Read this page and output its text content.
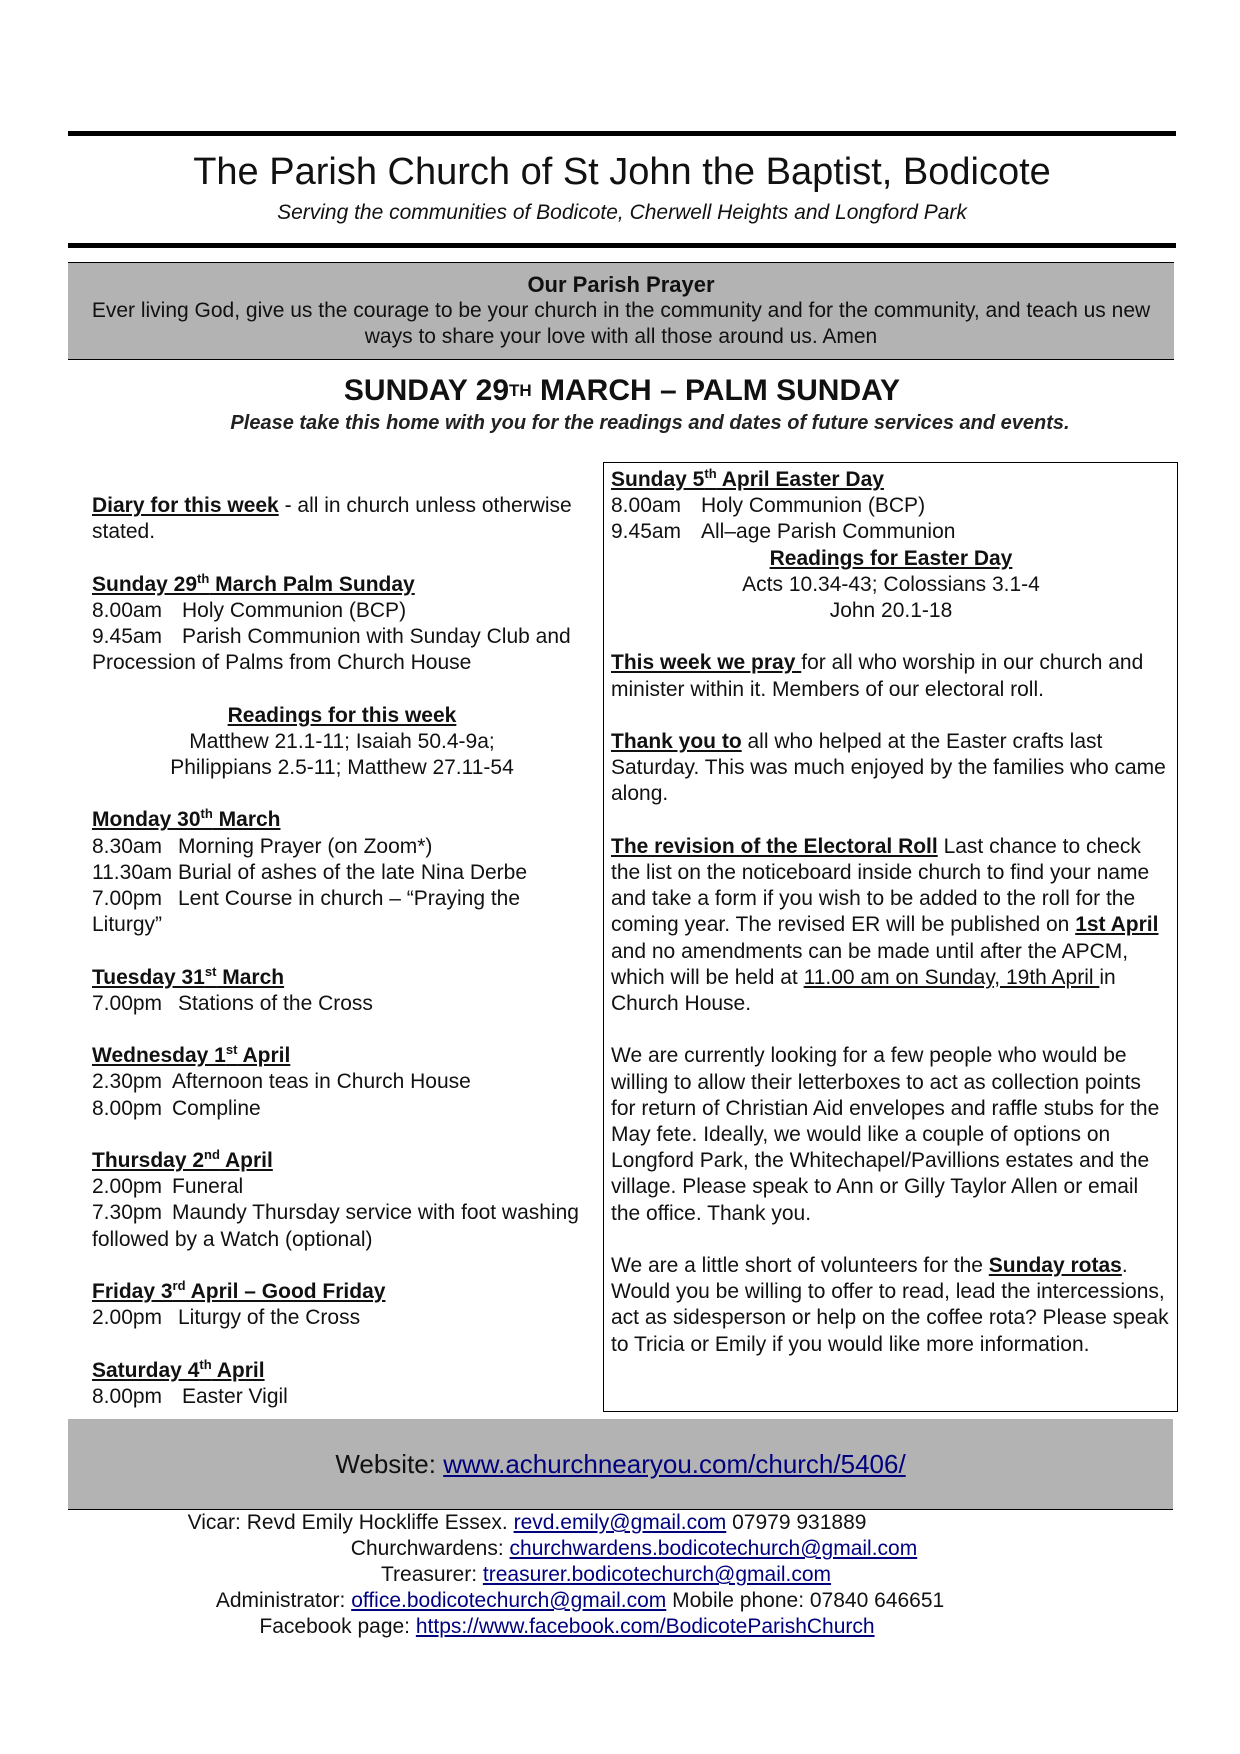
The Parish Church of St John the Baptist, Bodicote
Serving the communities of Bodicote, Cherwell Heights and Longford Park
Our Parish Prayer
Ever living God, give us the courage to be your church in the community and for the community, and teach us new ways to share your love with all those around us. Amen
SUNDAY 29TH MARCH – PALM SUNDAY
Please take this home with you for the readings and dates of future services and events.
Diary for this week - all in church unless otherwise stated.
Sunday 29th March Palm Sunday
8.00am Holy Communion (BCP)
9.45am Parish Communion with Sunday Club and Procession of Palms from Church House
Readings for this week
Matthew 21.1-11; Isaiah 50.4-9a;
Philippians 2.5-11; Matthew 27.11-54
Monday 30th March
8.30am Morning Prayer (on Zoom*)
11.30am Burial of ashes of the late Nina Derbe
7.00pm Lent Course in church – “Praying the Liturgy”
Tuesday 31st March
7.00pm Stations of the Cross
Wednesday 1st April
2.30pm Afternoon teas in Church House
8.00pm Compline
Thursday 2nd April
2.00pm Funeral
7.30pm Maundy Thursday service with foot washing followed by a Watch (optional)
Friday 3rd April – Good Friday
2.00pm Liturgy of the Cross
Saturday 4th April
8.00pm Easter Vigil
Sunday 5th April Easter Day
8.00am Holy Communion (BCP)
9.45am All–age Parish Communion
Readings for Easter Day
Acts 10.34-43; Colossians 3.1-4
John 20.1-18
This week we pray for all who worship in our church and minister within it. Members of our electoral roll.
Thank you to all who helped at the Easter crafts last Saturday. This was much enjoyed by the families who came along.
The revision of the Electoral Roll Last chance to check the list on the noticeboard inside church to find your name and take a form if you wish to be added to the roll for the coming year. The revised ER will be published on 1st April and no amendments can be made until after the APCM, which will be held at 11.00 am on Sunday, 19th April in Church House.
We are currently looking for a few people who would be willing to allow their letterboxes to act as collection points for return of Christian Aid envelopes and raffle stubs for the May fete. Ideally, we would like a couple of options on Longford Park, the Whitechapel/Pavillions estates and the village. Please speak to Ann or Gilly Taylor Allen or email the office. Thank you.
We are a little short of volunteers for the Sunday rotas. Would you be willing to offer to read, lead the intercessions, act as sidesperson or help on the coffee rota? Please speak to Tricia or Emily if you would like more information.
Website: www.achurchnearyou.com/church/5406/
Vicar: Revd Emily Hockliffe Essex. revd.emily@gmail.com 07979 931889
Churchwardens: churchwardens.bodicotechurch@gmail.com
Treasurer: treasurer.bodicotechurch@gmail.com
Administrator: office.bodicotechurch@gmail.com Mobile phone: 07840 646651
Facebook page: https://www.facebook.com/BodicoteParishChurch
